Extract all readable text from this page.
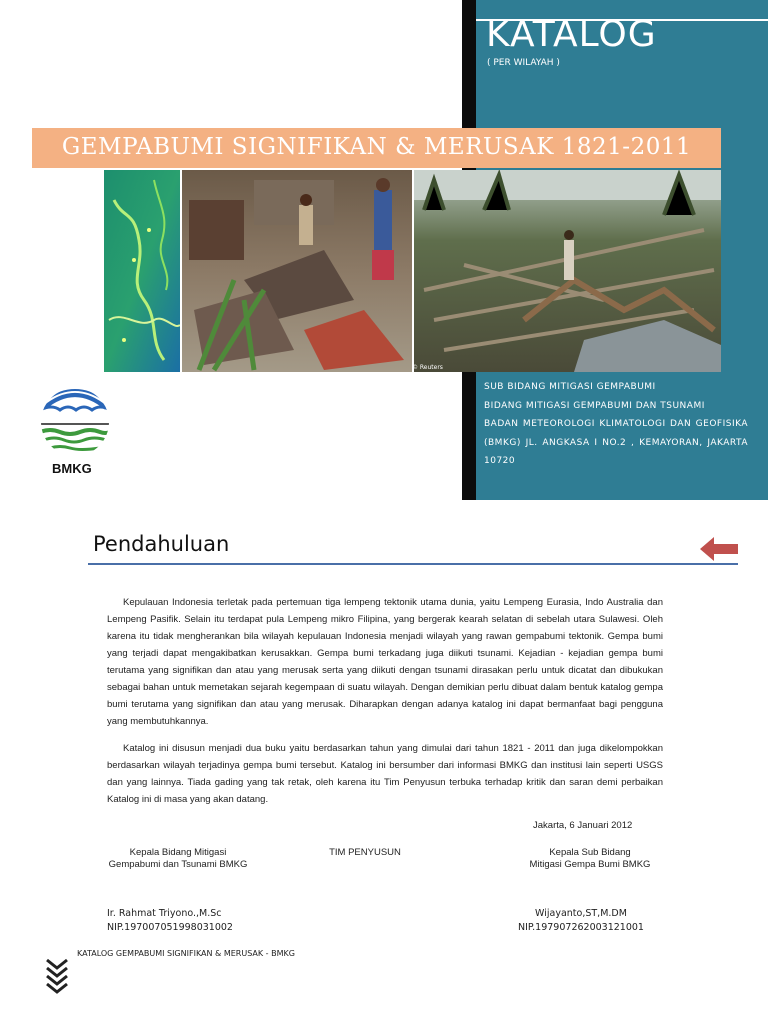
KATALOG
( PER WILAYAH )
GEMPABUMI SIGNIFIKAN & MERUSAK 1821-2011
© Reuters
SUB BIDANG MITIGASI GEMPABUMI
BIDANG MITIGASI GEMPABUMI DAN TSUNAMI
BADAN METEOROLOGI KLIMATOLOGI DAN GEOFISIKA (BMKG) JL. ANGKASA I NO.2 , KEMAYORAN, JAKARTA 10720
BMKG
Pendahuluan
Kepulauan Indonesia terletak pada pertemuan tiga lempeng tektonik utama dunia, yaitu Lempeng Eurasia, Indo Australia dan Lempeng Pasifik. Selain itu terdapat pula Lempeng mikro Filipina, yang bergerak kearah selatan di sebelah utara Sulawesi. Oleh karena itu tidak mengherankan bila wilayah kepulauan Indonesia menjadi wilayah yang rawan gempabumi tektonik. Gempa bumi yang terjadi dapat mengakibatkan kerusakkan. Gempa bumi terkadang juga diikuti tsunami. Kejadian - kejadian gempa bumi terutama yang signifikan dan atau yang merusak serta yang diikuti dengan tsunami dirasakan perlu untuk dicatat dan dibukukan sebagai bahan untuk memetakan sejarah kegempaan di suatu wilayah. Dengan demikian perlu dibuat dalam bentuk katalog gempa bumi terutama yang signifikan dan atau yang merusak. Diharapkan dengan adanya katalog ini dapat bermanfaat bagi pengguna yang membutuhkannya.
Katalog ini disusun menjadi dua buku yaitu berdasarkan tahun yang dimulai dari tahun 1821 - 2011 dan juga dikelompokkan berdasarkan wilayah terjadinya gempa bumi tersebut. Katalog ini bersumber dari informasi BMKG dan institusi lain seperti USGS dan yang lainnya. Tiada gading yang tak retak, oleh karena itu Tim Penyusun terbuka terhadap kritik dan saran demi perbaikan Katalog ini di masa yang akan datang.
Jakarta, 6 Januari 2012
Kepala Bidang Mitigasi
Gempabumi dan Tsunami BMKG
TIM PENYUSUN	Kepala Sub Bidang
Mitigasi Gempa Bumi BMKG
Ir. Rahmat Triyono.,M.Sc
NIP.197007051998031002
Wijayanto,ST,M.DM
NIP.197907262003121001
KATALOG GEMPABUMI SIGNIFIKAN & MERUSAK - BMKG
